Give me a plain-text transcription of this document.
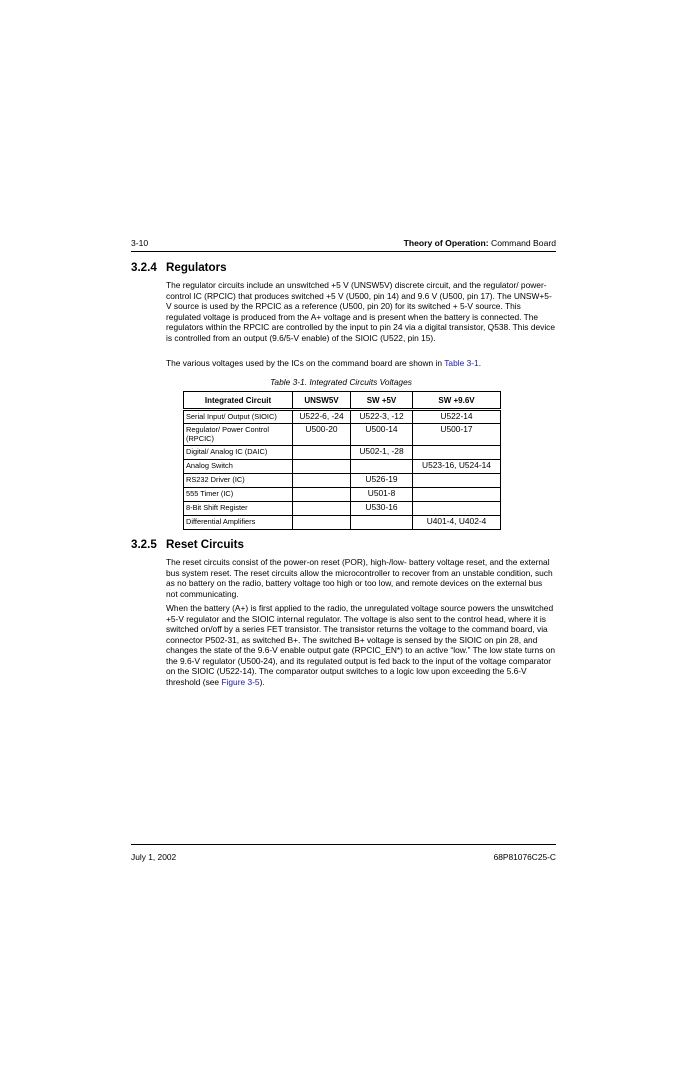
3-10	Theory of Operation: Command Board
3.2.4 Regulators

The regulator circuits include an unswitched +5 V (UNSW5V) discrete circuit, and the regulator/ power-control IC (RPCIC) that produces switched +5 V (U500, pin 14) and 9.6 V (U500, pin 17). The UNSW+5-V source is used by the RPCIC as a reference (U500, pin 20) for its switched + 5-V source. This regulated voltage is produced from the A+ voltage and is present when the battery is connected. The regulators within the RPCIC are controlled by the input to pin 24 via a digital transistor, Q538. This device is controlled from an output (9.6/5-V enable) of the SIOIC (U522, pin 15).

The various voltages used by the ICs on the command board are shown in Table 3-1.

Table 3-1. Integrated Circuits Voltages
Integrated Circuit	UNSW5V	SW +5V	SW +9.6V
Serial Input/ Output (SIOIC)	U522-6, -24	U522-3, -12	U522-14
Regulator/ Power Control (RPCIC)	U500-20	U500-14	U500-17
Digital/ Analog IC (DAIC)		U502-1, -28	
Analog Switch			U523-16, U524-14
RS232 Driver (IC)		U526-19	
555 Timer (IC)		U501-8	
8-Bit Shift Register		U530-16	
Differential Amplifiers			U401-4, U402-4
3.2.5 Reset Circuits

The reset circuits consist of the power-on reset (POR), high-/low- battery voltage reset, and the external bus system reset. The reset circuits allow the microcontroller to recover from an unstable condition, such as no battery on the radio, battery voltage too high or too low, and remote devices on the external bus not communicating.

When the battery (A+) is first applied to the radio, the unregulated voltage source powers the unswitched +5-V regulator and the SIOIC internal regulator. The voltage is also sent to the control head, where it is switched on/off by a series FET transistor. The transistor returns the voltage to the command board, via connector P502-31, as switched B+. The switched B+ voltage is sensed by the SIOIC on pin 28, and changes the state of the 9.6-V enable output gate (RPCIC_EN*) to an active “low.” The low state turns on the 9.6-V regulator (U500-24), and its regulated output is fed back to the input of the voltage comparator on the SIOIC (U522-14). The comparator output switches to a logic low upon exceeding the 5.6-V threshold (see Figure 3-5).

July 1, 2002	68P81076C25-C
